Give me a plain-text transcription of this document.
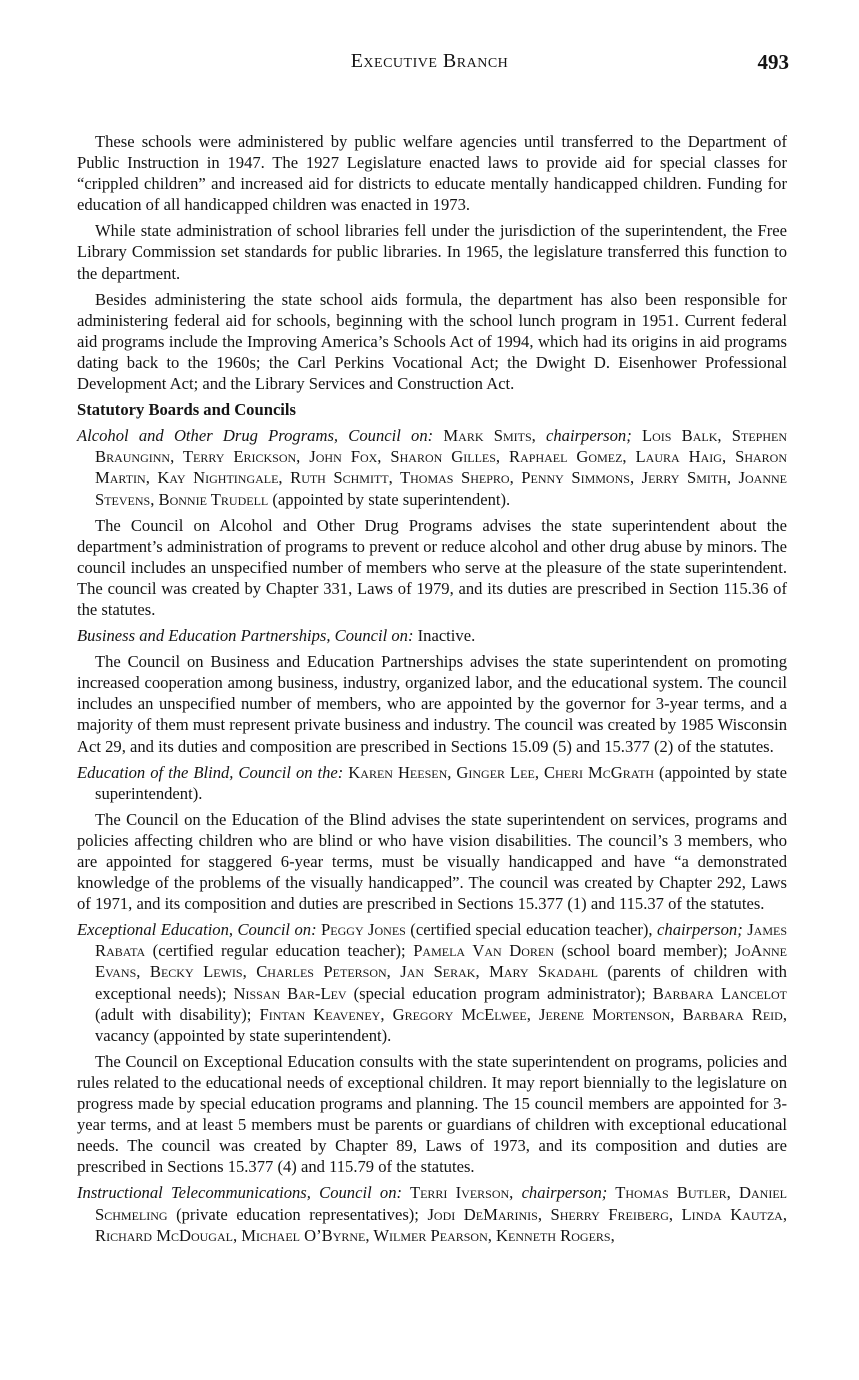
Executive Branch	493

These schools were administered by public welfare agencies until transferred to the Department of Public Instruction in 1947. The 1927 Legislature enacted laws to provide aid for special classes for “crippled children” and increased aid for districts to educate mentally handicapped children. Funding for education of all handicapped children was enacted in 1973.

While state administration of school libraries fell under the jurisdiction of the superintendent, the Free Library Commission set standards for public libraries. In 1965, the legislature transferred this function to the department.

Besides administering the state school aids formula, the department has also been responsible for administering federal aid for schools, beginning with the school lunch program in 1951. Current federal aid programs include the Improving America’s Schools Act of 1994, which had its origins in aid programs dating back to the 1960s; the Carl Perkins Vocational Act; the Dwight D. Eisenhower Professional Development Act; and the Library Services and Construction Act.

Statutory Boards and Councils

Alcohol and Other Drug Programs, Council on: Mark Smits, chairperson; Lois Balk, Stephen Braunginn, Terry Erickson, John Fox, Sharon Gilles, Raphael Gomez, Laura Haig, Sharon Martin, Kay Nightingale, Ruth Schmitt, Thomas Shepro, Penny Simmons, Jerry Smith, Joanne Stevens, Bonnie Trudell (appointed by state superintendent).

The Council on Alcohol and Other Drug Programs advises the state superintendent about the department’s administration of programs to prevent or reduce alcohol and other drug abuse by minors. The council includes an unspecified number of members who serve at the pleasure of the state superintendent. The council was created by Chapter 331, Laws of 1979, and its duties are prescribed in Section 115.36 of the statutes.

Business and Education Partnerships, Council on: Inactive.

The Council on Business and Education Partnerships advises the state superintendent on promoting increased cooperation among business, industry, organized labor, and the educational system. The council includes an unspecified number of members, who are appointed by the governor for 3-year terms, and a majority of them must represent private business and industry. The council was created by 1985 Wisconsin Act 29, and its duties and composition are prescribed in Sections 15.09 (5) and 15.377 (2) of the statutes.

Education of the Blind, Council on the: Karen Heesen, Ginger Lee, Cheri McGrath (appointed by state superintendent).

The Council on the Education of the Blind advises the state superintendent on services, programs and policies affecting children who are blind or who have vision disabilities. The council’s 3 members, who are appointed for staggered 6-year terms, must be visually handicapped and have “a demonstrated knowledge of the problems of the visually handicapped”. The council was created by Chapter 292, Laws of 1971, and its composition and duties are prescribed in Sections 15.377 (1) and 115.37 of the statutes.

Exceptional Education, Council on: Peggy Jones (certified special education teacher), chairperson; James Rabata (certified regular education teacher); Pamela Van Doren (school board member); JoAnne Evans, Becky Lewis, Charles Peterson, Jan Serak, Mary Skadahl (parents of children with exceptional needs); Nissan Bar-Lev (special education program administrator); Barbara Lancelot (adult with disability); Fintan Keaveney, Gregory McElwee, Jerene Mortenson, Barbara Reid, vacancy (appointed by state superintendent).

The Council on Exceptional Education consults with the state superintendent on programs, policies and rules related to the educational needs of exceptional children. It may report biennially to the legislature on progress made by special education programs and planning. The 15 council members are appointed for 3-year terms, and at least 5 members must be parents or guardians of children with exceptional educational needs. The council was created by Chapter 89, Laws of 1973, and its composition and duties are prescribed in Sections 15.377 (4) and 115.79 of the statutes.

Instructional Telecommunications, Council on: Terri Iverson, chairperson; Thomas Butler, Daniel Schmeling (private education representatives); Jodi DeMarinis, Sherry Freiberg, Linda Kautza, Richard McDougal, Michael O’Byrne, Wilmer Pearson, Kenneth Rogers,
